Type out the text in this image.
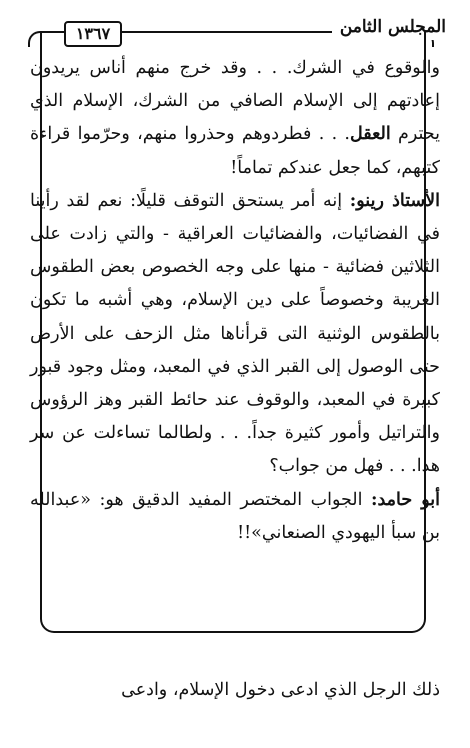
١٣٦٧	المجلس الثامن

والوقوع في الشرك. . . وقد خرج منهم أناس يريدون إعادتهم إلى الإسلام الصافي من الشرك، الإسلام الذي يحترم العقل. . . فطردوهم وحذروا منهم، وحرّموا قراءة كتبهم، كما جعل عندكم تماماً!

الأستاذ رينو: إنه أمر يستحق التوقف قليلًا: نعم لقد رأينا في الفضائيات، والفضائيات العراقية - والتي زادت على الثلاثين فضائية - منها على وجه الخصوص بعض الطقوس الغريبة وخصوصاً على دين الإسلام، وهي أشبه ما تكون بالطقوس الوثنية التى قرأناها مثل الزحف على الأرض حتى الوصول إلى القبر الذي في المعبد، ومثل وجود قبور كبيرة في المعبد، والوقوف عند حائط القبر وهز الرؤوس والتراتيل وأمور كثيرة جداً. . . ولطالما تساءلت عن سر هذا. . . فهل من جواب؟

أبو حامد: الجواب المختصر المفيد الدقيق هو: «عبدالله بن سبأ اليهودي الصنعاني»!!

ذلك الرجل الذي ادعى دخول الإسلام، وادعى
